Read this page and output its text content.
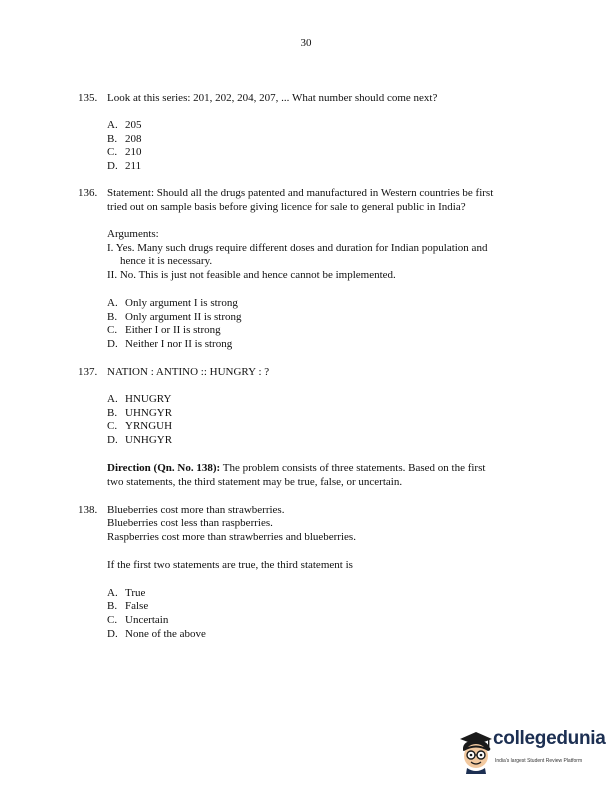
30
135. Look at this series: 201, 202, 204, 207, ... What number should come next?
A. 205
B. 208
C. 210
D. 211
136. Statement: Should all the drugs patented and manufactured in Western countries be first
tried out on sample basis before giving licence for sale to general public in India?
Arguments:
I. Yes. Many such drugs require different doses and duration for Indian population and
hence it is necessary.
II. No. This is just not feasible and hence cannot be implemented.
A. Only argument I is strong
B. Only argument II is strong
C. Either I or II is strong
D. Neither I nor II is strong
137. NATION : ANTINO :: HUNGRY : ?
A. HNUGRY
B. UHNGYR
C. YRNGUH
D. UNHGYR
Direction (Qn. No. 138): The problem consists of three statements. Based on the first
two statements, the third statement may be true, false, or uncertain.
138. Blueberries cost more than strawberries.
Blueberries cost less than raspberries.
Raspberries cost more than strawberries and blueberries.
If the first two statements are true, the third statement is
A. True
B. False
C. Uncertain
D. None of the above
collegedunia
India's largest Student Review Platform
